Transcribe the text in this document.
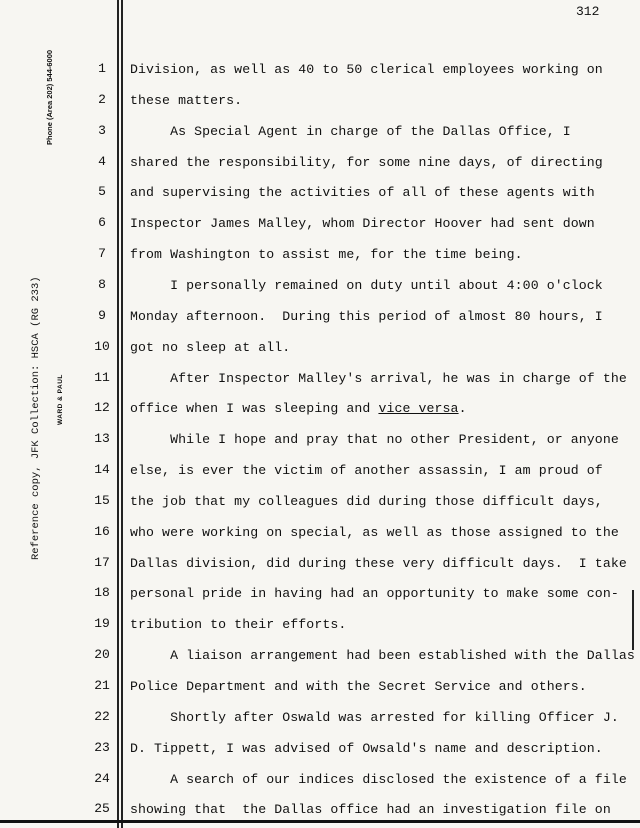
312
Phone (Area 202) 544-6000
WARD & PAUL
Reference copy, JFK Collection: HSCA (RG 233)
1	Division, as well as 40 to 50 clerical employees working on
2	these matters.
3	As Special Agent in charge of the Dallas Office, I
4	shared the responsibility, for some nine days, of directing
5	and supervising the activities of all of these agents with
6	Inspector James Malley, whom Director Hoover had sent down
7	from Washington to assist me, for the time being.
8	I personally remained on duty until about 4:00 o'clock
9	Monday afternoon.  During this period of almost 80 hours, I
10	got no sleep at all.
11	After Inspector Malley's arrival, he was in charge of the
12	office when I was sleeping and vice versa.
13	While I hope and pray that no other President, or anyone
14	else, is ever the victim of another assassin, I am proud of
15	the job that my colleagues did during those difficult days,
16	who were working on special, as well as those assigned to the
17	Dallas division, did during these very difficult days.  I take
18	personal pride in having had an opportunity to make some con-
19	tribution to their efforts.
20	A liaison arrangement had been established with the Dallas
21	Police Department and with the Secret Service and others.
22	Shortly after Oswald was arrested for killing Officer J.
23	D. Tippett, I was advised of Owsald's name and description.
24	A search of our indices disclosed the existence of a file
25	showing that  the Dallas office had an investigation file on
